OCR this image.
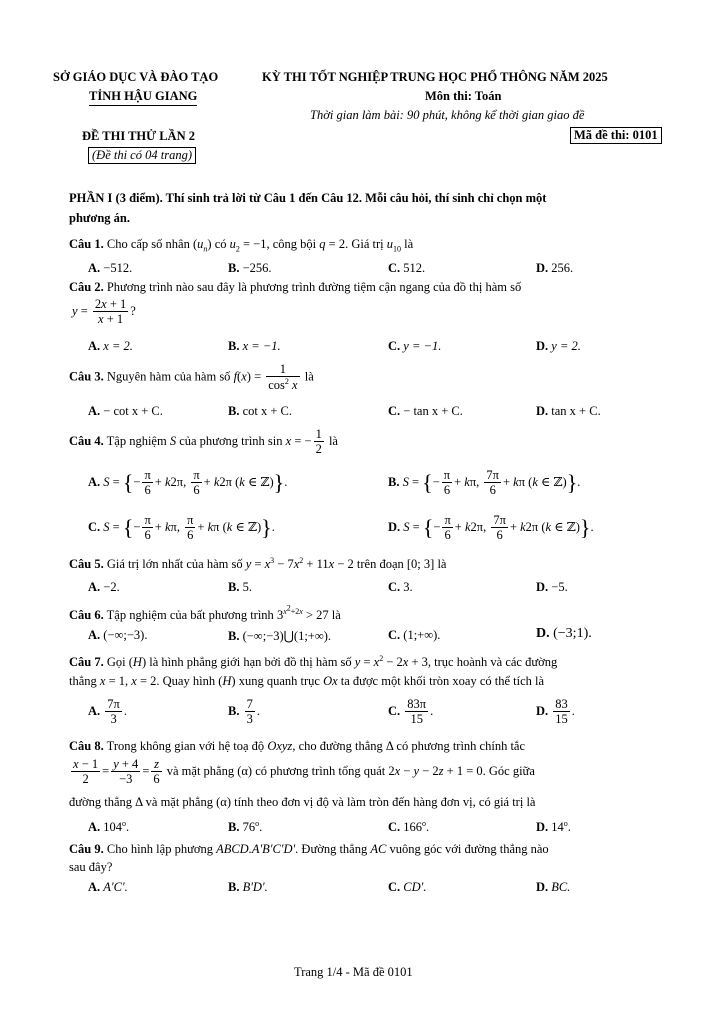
SỞ GIÁO DỤC VÀ ĐÀO TẠO
TỈNH HẬU GIANG
KỲ THI TỐT NGHIỆP TRUNG HỌC PHỔ THÔNG NĂM 2025
Môn thi: Toán
Thời gian làm bài: 90 phút, không kể thời gian giao đề
ĐỀ THI THỬ LẦN 2	Mã đề thi: 0101
(Đề thi có 04 trang)
PHẦN I (3 điểm). Thí sinh trả lời từ Câu 1 đến Câu 12. Mỗi câu hỏi, thí sinh chỉ chọn một
phương án.
Câu 1. Cho cấp số nhân $(u_n)$ có $u_2 = -1$, công bội q = 2. Giá trị $u_{10}$ là
A. −512.	B. −256.	C. 512.	D. 256.
Câu 2. Phương trình nào sau đây là phương trình đường tiệm cận ngang của đồ thị hàm số
$y = \frac{2x + 1}{x + 1}$ ?
A. x = 2.	B. x = −1.	C. y = −1.	D. y = 2.
Câu 3. Nguyên hàm của hàm số $f(x) = \frac{1}{\cos^2 x}$ là
A. − cot x + C.	B. cot x + C.	C. − tan x + C.	D. tan x + C.
Câu 4. Tập nghiệm S của phương trình sin x = − $\frac{1}{2}$ là
A. S = {− $\frac{\pi}{6} + k2\pi$, $\frac{\pi}{6} + k2\pi$ (k ∈ ℤ)}.	B. S = {− $\frac{\pi}{6} + k\pi$, $\frac{7\pi}{6} + k\pi$ (k ∈ ℤ)}.
C. S = {− $\frac{\pi}{6} + k\pi$, $\frac{\pi}{6} + k\pi$ (k ∈ ℤ)}.	D. S = {− $\frac{\pi}{6} + k2\pi$, $\frac{7\pi}{6} + k2\pi$ (k ∈ ℤ)}.
Câu 5. Giá trị lớn nhất của hàm số $y = x^3 - 7x^2 + 11x - 2$ trên đoạn [0; 3] là
A. −2.	B. 5.	C. 3.	D. −5.
Câu 6. Tập nghiệm của bất phương trình $3^{x^2+2x} > 27$ là
A. (−∞;−3).	B. (−∞;−3)⋃(1;+∞).	C. (1;+∞).	D. (−3;1).
Câu 7. Gọi (H) là hình phẳng giới hạn bởi đồ thị hàm số $y = x^2 - 2x + 3$, trục hoành và các đường
thẳng x = 1, x = 2. Quay hình (H) xung quanh trục Ox ta được một khối tròn xoay có thể tích là
A. $\frac{7\pi}{3}$ .	B. $\frac{7}{3}$ .	C. $\frac{83\pi}{15}$ .	D. $\frac{83}{15}$ .
Câu 8. Trong không gian với hệ toạ độ Oxyz, cho đường thẳng Δ có phương trình chính tắc
$\frac{x - 1}{2} = \frac{y + 4}{-3} = \frac{z}{6}$ và mặt phẳng (α) có phương trình tổng quát 2x − y − 2z + 1 = 0. Góc giữa
đường thẳng Δ và mặt phẳng (α) tính theo đơn vị độ và làm tròn đến hàng đơn vị, có giá trị là
A. 104$^o$.	B. 76$^o$.	C. 166$^o$.	D. 14$^o$.
Câu 9. Cho hình lập phương ABCD.A'B'C'D'. Đường thẳng AC vuông góc với đường thẳng nào
sau đây?
A. A'C'.	B. B'D'.	C. CD'.	D. BC.
Trang 1/4 - Mã đề 0101
